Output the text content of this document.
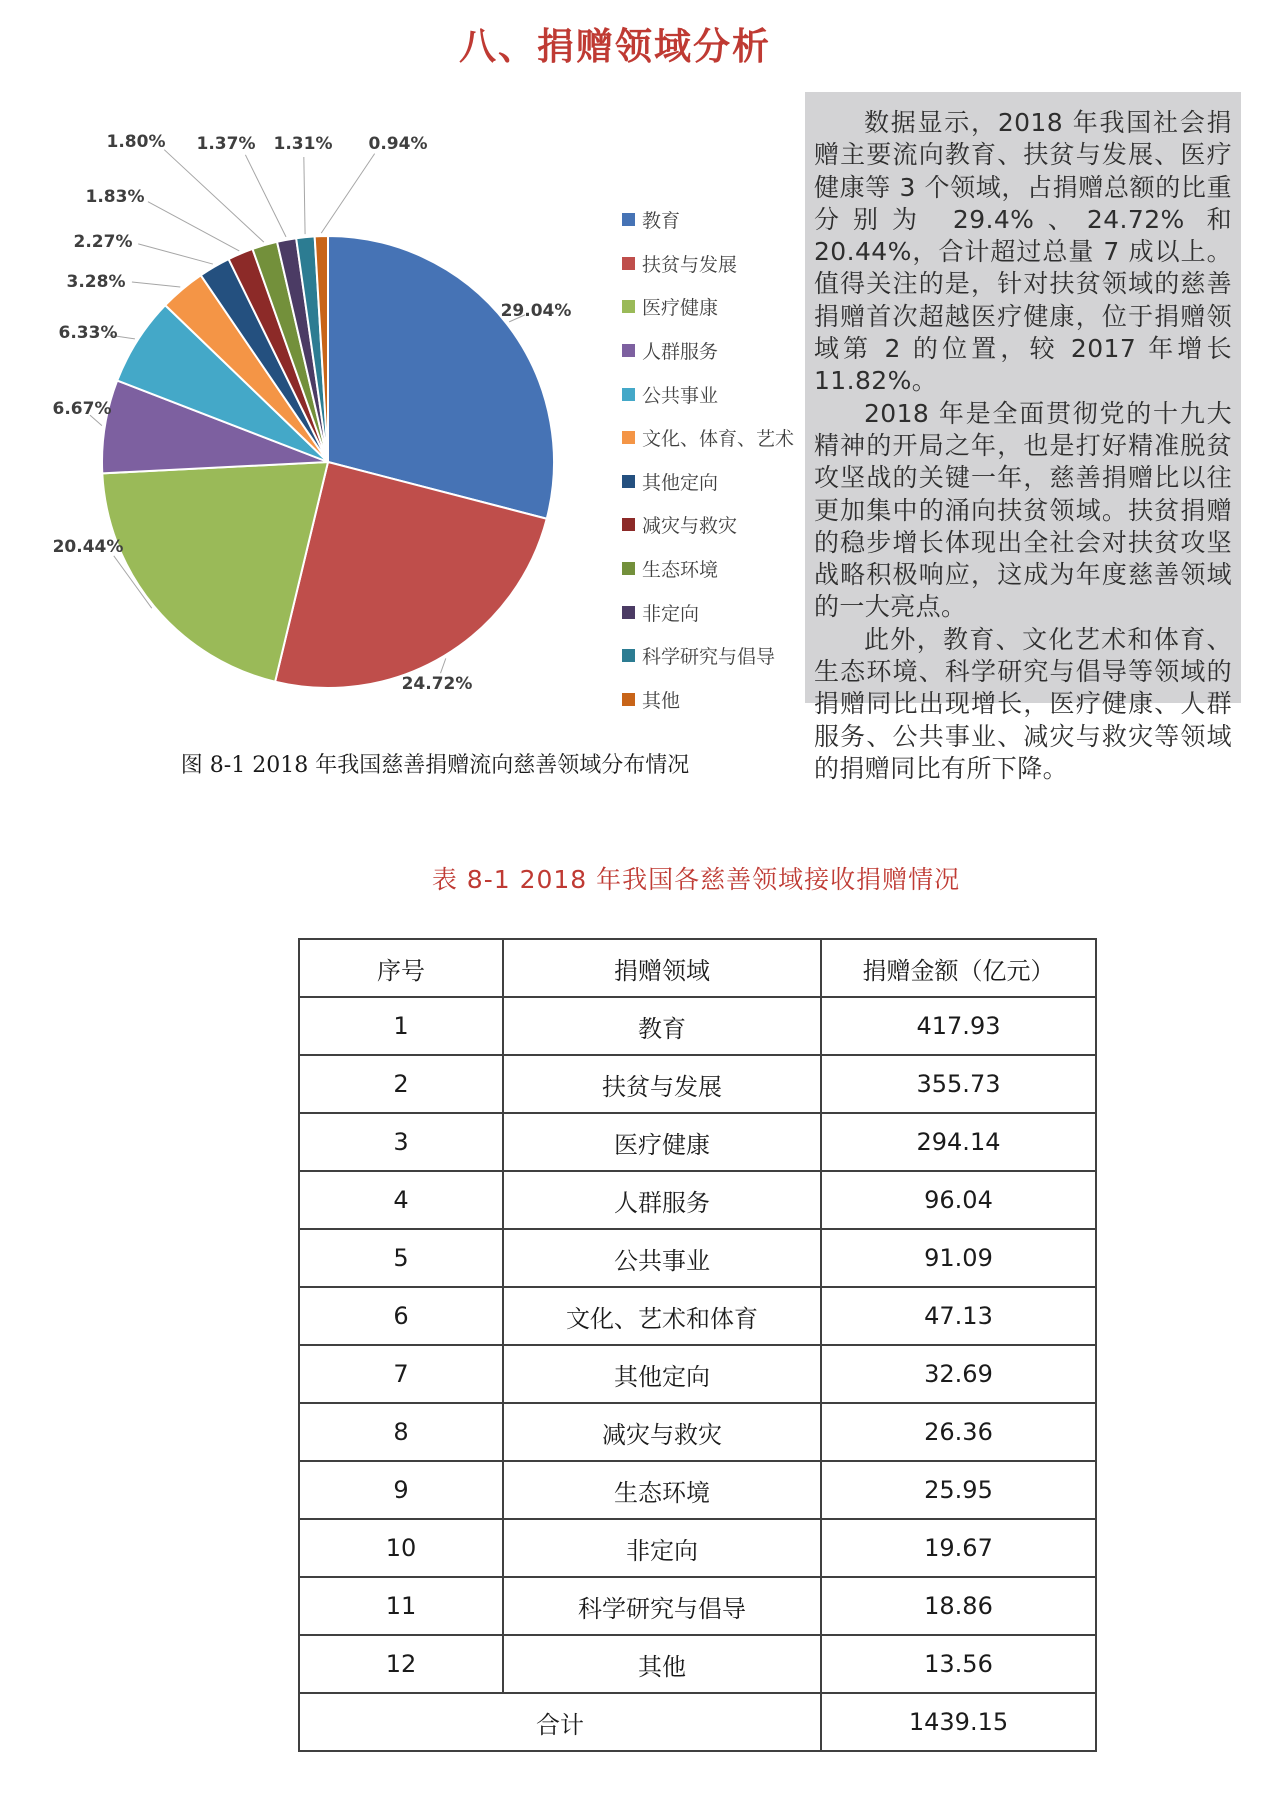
八、捐赠领域分析
29.04%
24.72%
20.44%
6.67%
6.33%
3.28%
2.27%
1.83%
1.80% 1.37% 1.31% 0.94%
教育
扶贫与发展
医疗健康
人群服务
公共事业
文化、体育、艺术
其他定向
减灾与救灾
生态环境
非定向
科学研究与倡导
其他

数据显示，2018 年我国社会捐赠主要流向教育、扶贫与发展、医疗健康等 3 个领域，占捐赠总额的比重分别为 29.4%、24.72% 和 20.44%，合计超过总量 7 成以上。值得关注的是，针对扶贫领域的慈善捐赠首次超越医疗健康，位于捐赠领域第 2 的位置，较 2017 年增长 11.82%。

2018 年是全面贯彻党的十九大精神的开局之年，也是打好精准脱贫攻坚战的关键一年，慈善捐赠比以往更加集中的涌向扶贫领域。扶贫捐赠的稳步增长体现出全社会对扶贫攻坚战略积极响应，这成为年度慈善领域的一大亮点。

此外，教育、文化艺术和体育、生态环境、科学研究与倡导等领域的捐赠同比出现增长，医疗健康、人群服务、公共事业、减灾与救灾等领域的捐赠同比有所下降。

图 8-1 2018 年我国慈善捐赠流向慈善领域分布情况

表 8-1 2018 年我国各慈善领域接收捐赠情况
序号	捐赠领域	捐赠金额（亿元）
1	教育	417.93
2	扶贫与发展	355.73
3	医疗健康	294.14
4	人群服务	96.04
5	公共事业	91.09
6	文化、艺术和体育	47.13
7	其他定向	32.69
8	减灾与救灾	26.36
9	生态环境	25.95
10	非定向	19.67
11	科学研究与倡导	18.86
12	其他	13.56
合计		1439.15
